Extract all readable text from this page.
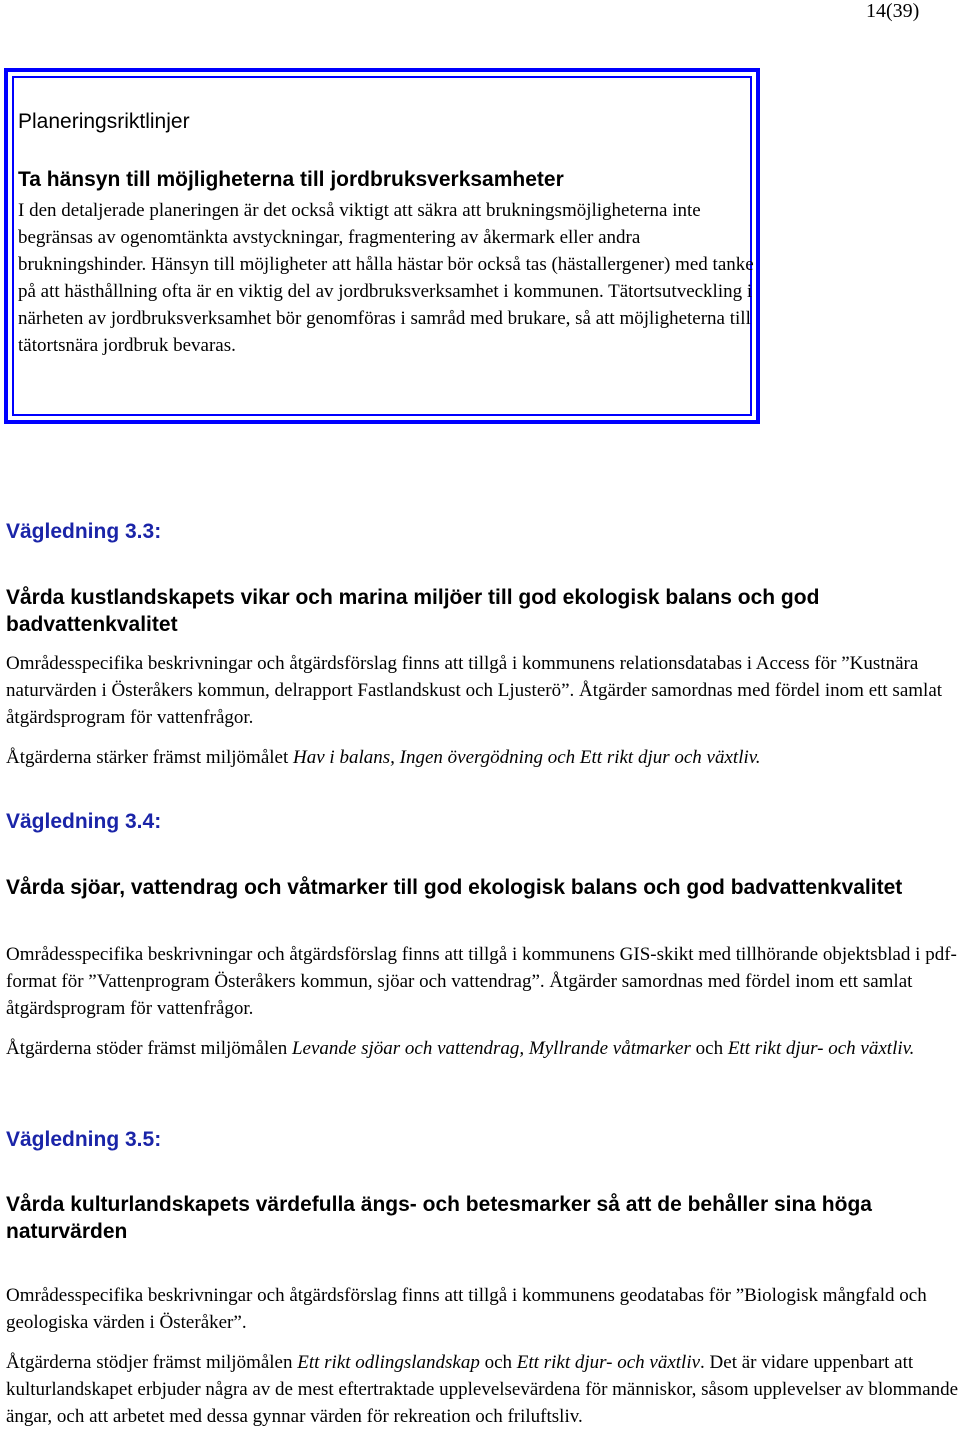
14(39)
Planeringsriktlinjer
Ta hänsyn till möjligheterna till jordbruksverksamheter
I den detaljerade planeringen är det också viktigt att säkra att brukningsmöjligheterna inte begränsas av ogenomtänkta avstyckningar, fragmentering av åkermark eller andra brukningshinder. Hänsyn till möjligheter att hålla hästar bör också tas (hästallergener) med tanke på att hästhållning ofta är en viktig del av jordbruksverksamhet i kommunen. Tätortsutveckling i närheten av jordbruksverksamhet bör genomföras i samråd med brukare, så att möjligheterna till tätortsnära jordbruk bevaras.
Vägledning 3.3:
Vårda kustlandskapets vikar och marina miljöer till god ekologisk balans och god badvattenkvalitet
Områdesspecifika beskrivningar och åtgärdsförslag finns att tillgå i kommunens relationsdatabas i Access för ”Kustnära naturvärden i Österåkers kommun, delrapport Fastlandskust och Ljusterö”. Åtgärder samordnas med fördel inom ett samlat åtgärdsprogram för vattenfrågor.
Åtgärderna stärker främst miljömålet Hav i balans, Ingen övergödning och Ett rikt djur och växtliv.
Vägledning 3.4:
Vårda sjöar, vattendrag och våtmarker till god ekologisk balans och god badvattenkvalitet
Områdesspecifika beskrivningar och åtgärdsförslag finns att tillgå i kommunens GIS-skikt med tillhörande objektsblad i pdf-format för ”Vattenprogram Österåkers kommun, sjöar och vattendrag”. Åtgärder samordnas med fördel inom ett samlat åtgärdsprogram för vattenfrågor.
Åtgärderna stöder främst miljömålen Levande sjöar och vattendrag, Myllrande våtmarker och Ett rikt djur- och växtliv.
Vägledning 3.5:
Vårda kulturlandskapets värdefulla ängs- och betesmarker så att de behåller sina höga naturvärden
Områdesspecifika beskrivningar och åtgärdsförslag finns att tillgå i kommunens geodatabas för ”Biologisk mångfald och geologiska värden i Österåker”.
Åtgärderna stödjer främst miljömålen Ett rikt odlingslandskap och Ett rikt djur- och växtliv. Det är vidare uppenbart att kulturlandskapet erbjuder några av de mest eftertraktade upplevelsevärdena för människor, såsom upplevelser av blommande ängar, och att arbetet med dessa gynnar värden för rekreation och friluftsliv.
